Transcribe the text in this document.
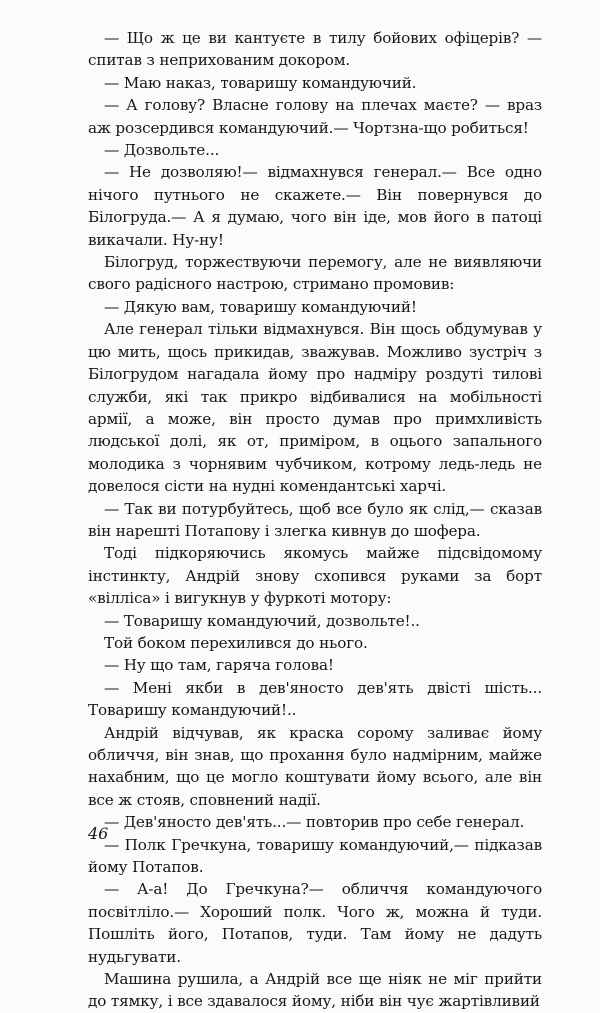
— Що ж це ви кантуєте в тилу бойових офіцерів? — спитав з неприхованим докором.

— Маю наказ, товаришу командуючий.

— А голову? Власне голову на плечах маєте? — враз аж розсердився командуючий.— Чортзна-що робиться!

— Дозвольте...

— Не дозволяю!— відмахнувся генерал.— Все одно нічого путнього не скажете.— Він повернувся до Білогруда.— А я думаю, чого він іде, мов його в патоці викачали. Ну-ну!

Білогруд, торжествуючи перемогу, але не виявляючи свого радісного настрою, стримано промовив:

— Дякую вам, товаришу командуючий!

Але генерал тільки відмахнувся. Він щось обдумував у цю мить, щось прикидав, зважував. Можливо зустріч з Білогрудом нагадала йому про надміру роздуті тилові служби, які так прикро відбивалися на мобільності армії, а може, він просто думав про примхливість людської долі, як от, приміром, в оцього запального молодика з чорнявим чубчиком, котрому ледь-ледь не довелося сісти на нудні комендантські харчі.

— Так ви потурбуйтесь, щоб все було як слід,— сказав він нарешті Потапову і злегка кивнув до шофера.

Тоді підкоряючись якомусь майже підсвідомому інстинкту, Андрій знову схопився руками за борт «вілліса» і вигукнув у фуркоті мотору:

— Товаришу командуючий, дозвольте!..

Той боком перехилився до нього.

— Ну що там, гаряча голова!

— Мені якби в дев'яносто дев'ять двісті шість... Товаришу командуючий!..

Андрій відчував, як краска сорому заливає йому обличчя, він знав, що прохання було надмірним, майже нахабним, що це могло коштувати йому всього, але він все ж стояв, сповнений надії.

— Дев'яносто дев'ять...— повторив про себе генерал.

— Полк Гречкуна, товаришу командуючий,— підказав йому Потапов.

— А-а! До Гречкуна?— обличчя командуючого посвітліло.— Хороший полк. Чого ж, можна й туди. Пошліть його, Потапов, туди. Там йому не дадуть нудьгувати.

Машина рушила, а Андрій все ще ніяк не міг прийти до тямку, і все здавалося йому, ніби він чує жартівливий

46
